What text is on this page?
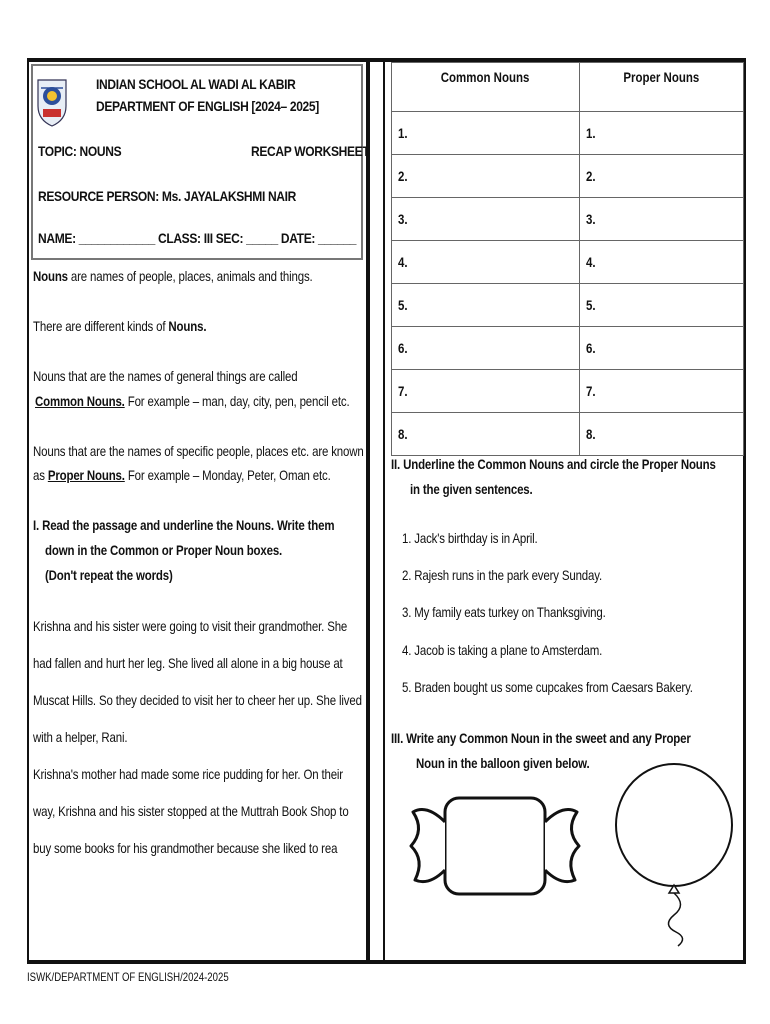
INDIAN SCHOOL AL WADI AL KABIR
DEPARTMENT OF ENGLISH [2024– 2025]
TOPIC: NOUNS	RECAP WORKSHEET
RESOURCE PERSON: Ms. JAYALAKSHMI NAIR
NAME: ____________ CLASS: III SEC: _____ DATE: ______
Nouns are names of people, places, animals and things.
There are different kinds of Nouns.
Nouns that are the names of general things are called
Common Nouns. For example – man, day, city, pen, pencil etc.
Nouns that are the names of specific people, places etc. are known
as Proper Nouns. For example – Monday, Peter, Oman etc.
I. Read the passage and underline the Nouns. Write them
down in the Common or Proper Noun boxes.
(Don't repeat the words)
Krishna and his sister were going to visit their grandmother. She
had fallen and hurt her leg. She lived all alone in a big house at
Muscat Hills. So they decided to visit her to cheer her up. She lived
with a helper, Rani.
Krishna's mother had made some rice pudding for her. On their
way, Krishna and his sister stopped at the Muttrah Book Shop to
buy some books for his grandmother because she liked to rea
Common Nouns	Proper Nouns
1.	1.
2.	2.
3.	3.
4.	4.
5.	5.
6.	6.
7.	7.
8.	8.
II. Underline the Common Nouns and circle the Proper Nouns
in the given sentences.
1. Jack's birthday is in April.
2. Rajesh runs in the park every Sunday.
3. My family eats turkey on Thanksgiving.
4. Jacob is taking a plane to Amsterdam.
5. Braden bought us some cupcakes from Caesars Bakery.
III. Write any Common Noun in the sweet and any Proper
Noun in the balloon given below.
ISWK/DEPARTMENT OF ENGLISH/2024-2025
